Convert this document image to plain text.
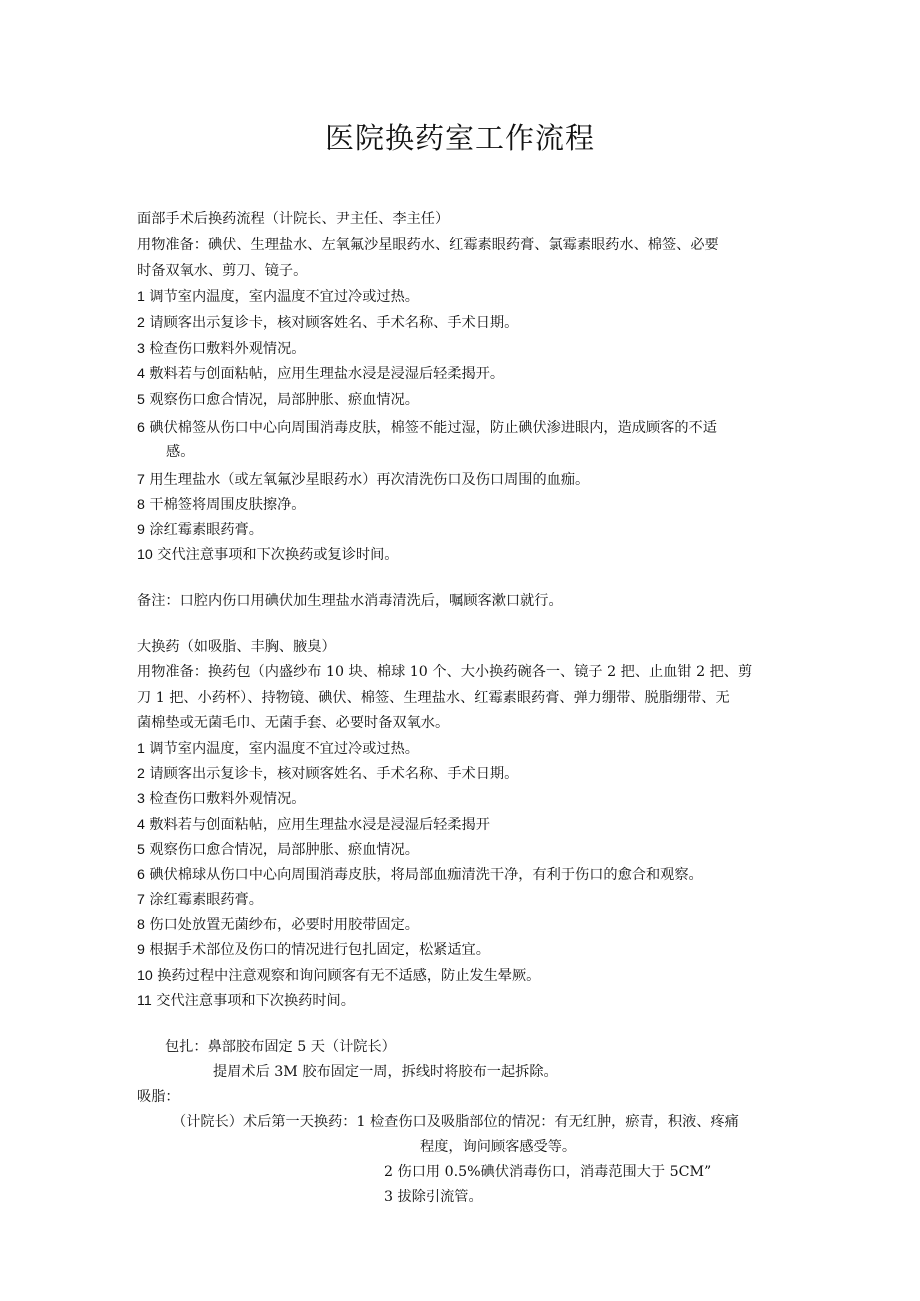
医院换药室工作流程
面部手术后换药流程（计院长、尹主任、李主任）
用物准备：碘伏、生理盐水、左氧氟沙星眼药水、红霉素眼药膏、氯霉素眼药水、棉签、必要
时备双氧水、剪刀、镜子。
1 调节室内温度，室内温度不宜过冷或过热。
2 请顾客出示复诊卡，核对顾客姓名、手术名称、手术日期。
3 检查伤口敷料外观情况。
4 敷料若与创面粘帖，应用生理盐水浸是浸湿后轻柔揭开。
5 观察伤口愈合情况，局部肿胀、瘀血情况。
6 碘伏棉签从伤口中心向周围消毒皮肤，棉签不能过湿，防止碘伏渗进眼内，造成顾客的不适
感。
7 用生理盐水（或左氧氟沙星眼药水）再次清洗伤口及伤口周围的血痂。
8 干棉签将周围皮肤擦净。
9 涂红霉素眼药膏。
10 交代注意事项和下次换药或复诊时间。
备注：口腔内伤口用碘伏加生理盐水消毒清洗后，嘱顾客漱口就行。
大换药（如吸脂、丰胸、腋臭）
用物准备：换药包（内盛纱布 10 块、棉球 10 个、大小换药碗各一、镜子 2 把、止血钳 2 把、剪
刀 1 把、小药杯）、持物镜、碘伏、棉签、生理盐水、红霉素眼药膏、弹力绷带、脱脂绷带、无
菌棉垫或无菌毛巾、无菌手套、必要时备双氧水。
1 调节室内温度，室内温度不宜过冷或过热。
2 请顾客出示复诊卡，核对顾客姓名、手术名称、手术日期。
3 检查伤口敷料外观情况。
4 敷料若与创面粘帖，应用生理盐水浸是浸湿后轻柔揭开
5 观察伤口愈合情况，局部肿胀、瘀血情况。
6 碘伏棉球从伤口中心向周围消毒皮肤，将局部血痂清洗干净，有利于伤口的愈合和观察。
7 涂红霉素眼药膏。
8 伤口处放置无菌纱布，必要时用胶带固定。
9 根据手术部位及伤口的情况进行包扎固定，松紧适宜。
10 换药过程中注意观察和询问顾客有无不适感，防止发生晕厥。
11 交代注意事项和下次换药时间。
包扎：鼻部胶布固定 5 天（计院长）
提眉术后 3M 胶布固定一周，拆线时将胶布一起拆除。
吸脂：
（计院长）术后第一天换药：1 检查伤口及吸脂部位的情况：有无红肿，瘀青，积液、疼痛
程度，询问顾客感受等。
2 伤口用 0.5%碘伏消毒伤口，消毒范围大于 5CM”
3 拔除引流管。
